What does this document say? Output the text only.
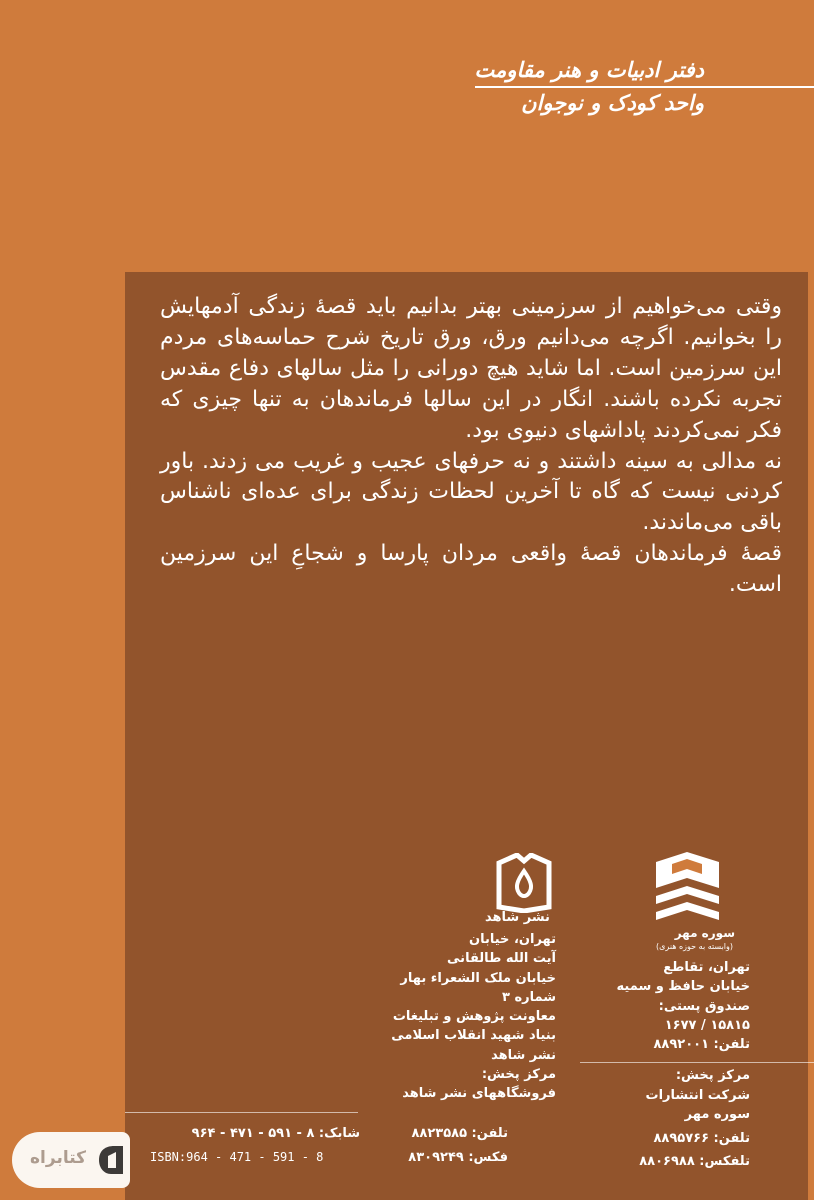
دفتر ادبیات و هنر مقاومت
واحد کودک و نوجوان

وقتی می‌خواهیم از سرزمینی بهتر بدانیم باید قصهٔ زندگی آدمهایش را بخوانیم. اگرچه می‌دانیم ورق، ورق تاریخ شرح حماسه‌های مردم این سرزمین است. اما شاید هیچ دورانی را مثل سالهای دفاع مقدس تجربه نکرده باشند. انگار در این سالها فرماندهان به تنها چیزی که فکر نمی‌کردند پاداشهای دنیوی بود.

نه مدالی به سینه داشتند و نه حرفهای عجیب و غریب می زدند. باور کردنی نیست که گاه تا آخرین لحظات زندگی برای عده‌ای ناشناس باقی می‌ماندند.

قصهٔ فرماندهان قصهٔ واقعی مردان پارسا و شجاعِ این سرزمین است.

نشر شاهد
سوره مهر
(وابسته به حوزه هنری)
تهران، خیابان
آیت الله طالقانی
خیابان ملک الشعراء بهار
شماره ۳
معاونت پژوهش و تبلیغات
بنیاد شهید انقلاب اسلامی
نشر شاهد
مرکز پخش:
فروشگاههای نشر شاهد
تهران، تقاطع
خیابان حافظ و سمیه
صندوق پستی:
۱۵۸۱۵ / ۱۶۷۷
تلفن: ۸۸۹۲۰۰۱
مرکز پخش:
شرکت انتشارات
سوره مهر
تلفن: ۸۸۲۳۵۸۵
فکس: ۸۳۰۹۲۴۹
تلفن: ۸۸۹۵۷۶۶
تلفکس: ۸۸۰۶۹۸۸
شابک: ۸ - ۵۹۱ - ۴۷۱ - ۹۶۴
ISBN:964 - 471 - 591 - 8
کتابراه
